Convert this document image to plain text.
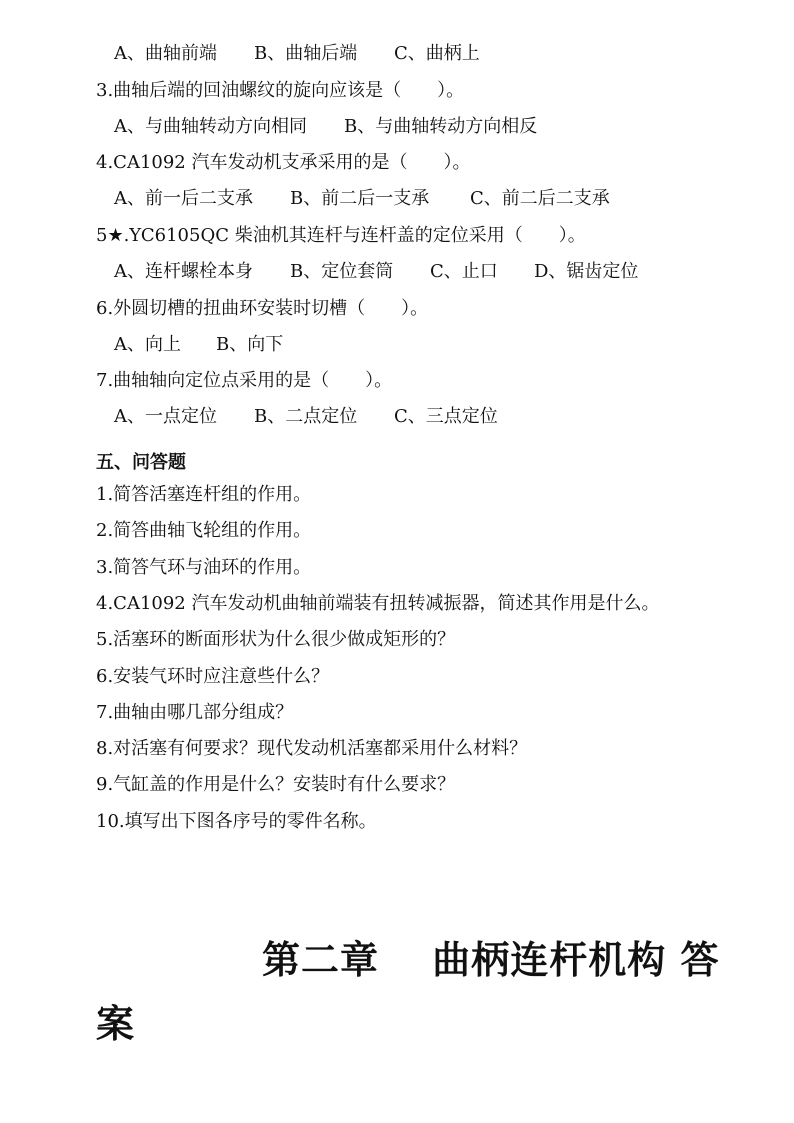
A、曲轴前端 B、曲轴后端 C、曲柄上
3.曲轴后端的回油螺纹的旋向应该是（　　）。
A、与曲轴转动方向相同 B、与曲轴转动方向相反
4.CA1092 汽车发动机支承采用的是（　　）。
A、前一后二支承 B、前二后一支承 C、前二后二支承
5★.YC6105QC 柴油机其连杆与连杆盖的定位采用（　　）。
A、连杆螺栓本身 B、定位套筒 C、止口 D、锯齿定位
6.外圆切槽的扭曲环安装时切槽（　　）。
A、向上 B、向下
7.曲轴轴向定位点采用的是（　　）。
A、一点定位 B、二点定位 C、三点定位
五、问答题
1.简答活塞连杆组的作用。
2.简答曲轴飞轮组的作用。
3.简答气环与油环的作用。
4.CA1092 汽车发动机曲轴前端装有扭转减振器，简述其作用是什么。
5.活塞环的断面形状为什么很少做成矩形的？
6.安装气环时应注意些什么？
7.曲轴由哪几部分组成？
8.对活塞有何要求？现代发动机活塞都采用什么材料？
9.气缸盖的作用是什么？安装时有什么要求？
10.填写出下图各序号的零件名称。
第二章　 曲柄连杆机构 答
案
